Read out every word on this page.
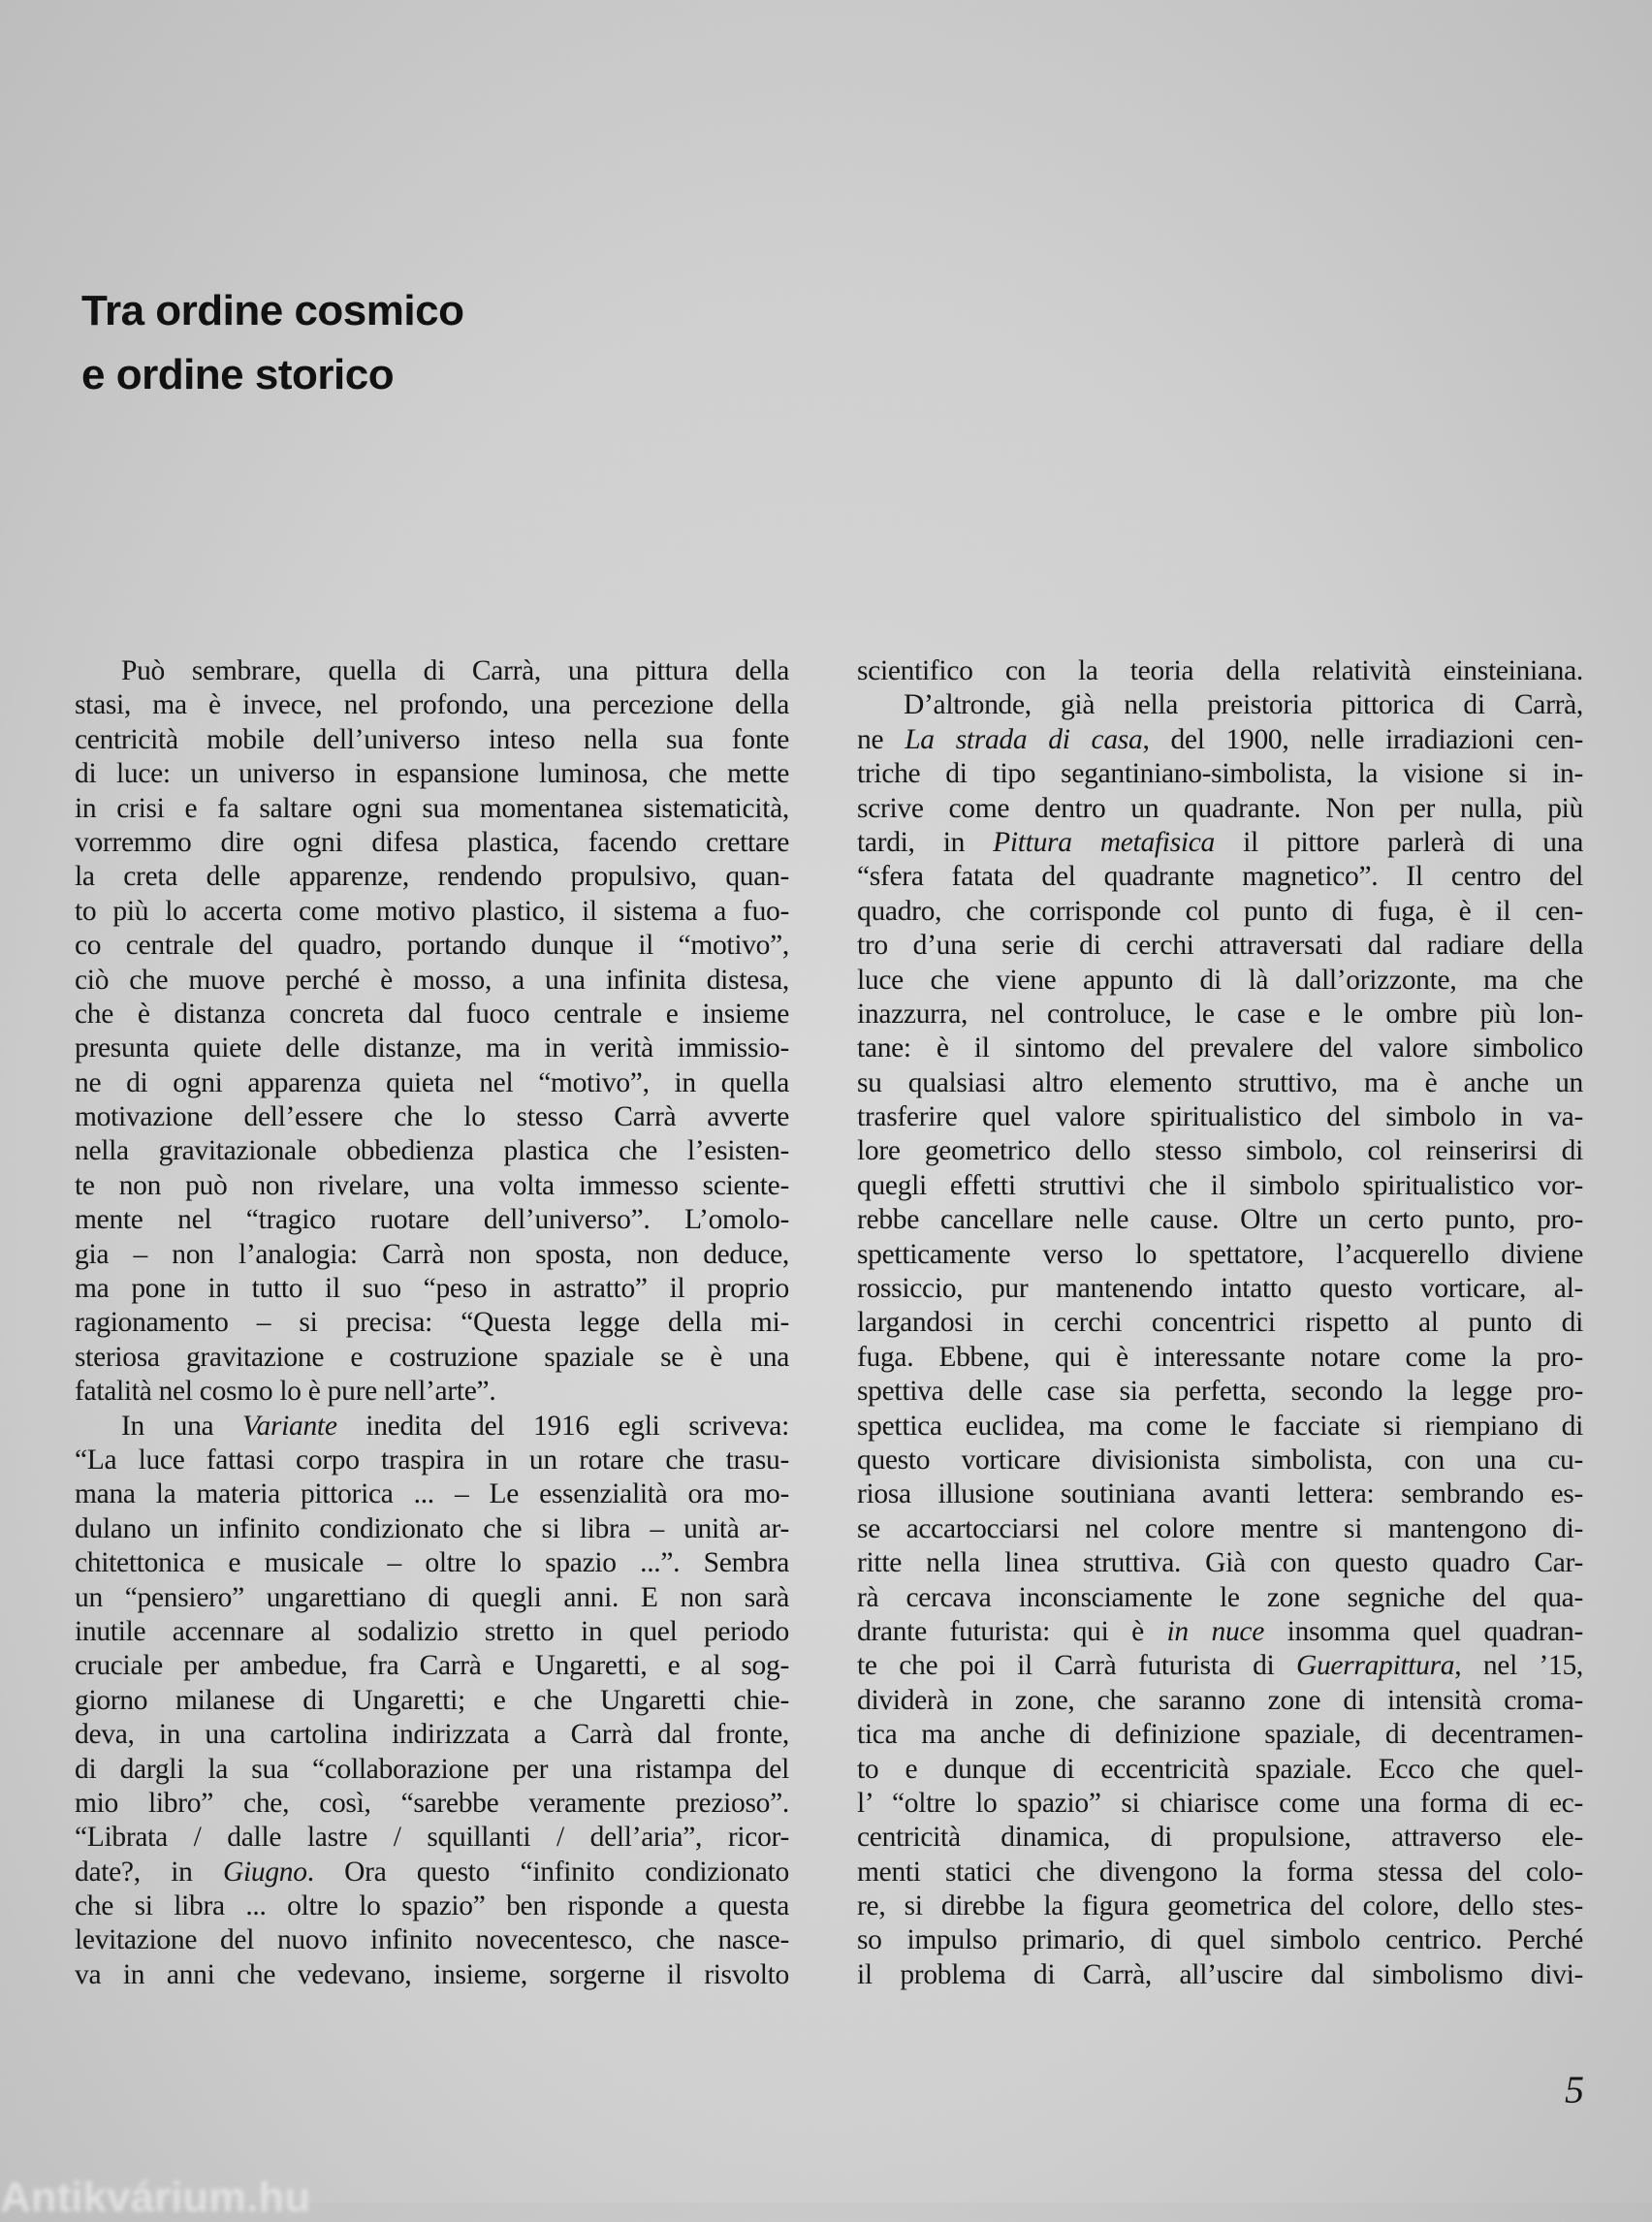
Tra ordine cosmico
e ordine storico
Può sembrare, quella di Carrà, una pittura della
stasi, ma è invece, nel profondo, una percezione della
centricità mobile dell’universo inteso nella sua fonte
di luce: un universo in espansione luminosa, che mette
in crisi e fa saltare ogni sua momentanea sistematicità,
vorremmo dire ogni difesa plastica, facendo crettare
la creta delle apparenze, rendendo propulsivo, quan-
to più lo accerta come motivo plastico, il sistema a fuo-
co centrale del quadro, portando dunque il “motivo”,
ciò che muove perché è mosso, a una infinita distesa,
che è distanza concreta dal fuoco centrale e insieme
presunta quiete delle distanze, ma in verità immissio-
ne di ogni apparenza quieta nel “motivo”, in quella
motivazione dell’essere che lo stesso Carrà avverte
nella gravitazionale obbedienza plastica che l’esisten-
te non può non rivelare, una volta immesso sciente-
mente nel “tragico ruotare dell’universo”. L’omolo-
gia – non l’analogia: Carrà non sposta, non deduce,
ma pone in tutto il suo “peso in astratto” il proprio
ragionamento – si precisa: “Questa legge della mi-
steriosa gravitazione e costruzione spaziale se è una
fatalità nel cosmo lo è pure nell’arte”.
In una Variante inedita del 1916 egli scriveva:
“La luce fattasi corpo traspira in un rotare che trasu-
mana la materia pittorica ... – Le essenzialità ora mo-
dulano un infinito condizionato che si libra – unità ar-
chitettonica e musicale – oltre lo spazio ...”. Sembra
un “pensiero” ungarettiano di quegli anni. E non sarà
inutile accennare al sodalizio stretto in quel periodo
cruciale per ambedue, fra Carrà e Ungaretti, e al sog-
giorno milanese di Ungaretti; e che Ungaretti chie-
deva, in una cartolina indirizzata a Carrà dal fronte,
di dargli la sua “collaborazione per una ristampa del
mio libro” che, così, “sarebbe veramente prezioso”.
“Librata / dalle lastre / squillanti / dell’aria”, ricor-
date?, in Giugno. Ora questo “infinito condizionato
che si libra ... oltre lo spazio” ben risponde a questa
levitazione del nuovo infinito novecentesco, che nasce-
va in anni che vedevano, insieme, sorgerne il risvolto
scientifico con la teoria della relatività einsteiniana.
D’altronde, già nella preistoria pittorica di Carrà,
ne La strada di casa, del 1900, nelle irradiazioni cen-
triche di tipo segantiniano-simbolista, la visione si in-
scrive come dentro un quadrante. Non per nulla, più
tardi, in Pittura metafisica il pittore parlerà di una
“sfera fatata del quadrante magnetico”. Il centro del
quadro, che corrisponde col punto di fuga, è il cen-
tro d’una serie di cerchi attraversati dal radiare della
luce che viene appunto di là dall’orizzonte, ma che
inazzurra, nel controluce, le case e le ombre più lon-
tane: è il sintomo del prevalere del valore simbolico
su qualsiasi altro elemento struttivo, ma è anche un
trasferire quel valore spiritualistico del simbolo in va-
lore geometrico dello stesso simbolo, col reinserirsi di
quegli effetti struttivi che il simbolo spiritualistico vor-
rebbe cancellare nelle cause. Oltre un certo punto, pro-
spetticamente verso lo spettatore, l’acquerello diviene
rossiccio, pur mantenendo intatto questo vorticare, al-
largandosi in cerchi concentrici rispetto al punto di
fuga. Ebbene, qui è interessante notare come la pro-
spettiva delle case sia perfetta, secondo la legge pro-
spettica euclidea, ma come le facciate si riempiano di
questo vorticare divisionista simbolista, con una cu-
riosa illusione soutiniana avanti lettera: sembrando es-
se accartocciarsi nel colore mentre si mantengono di-
ritte nella linea struttiva. Già con questo quadro Car-
rà cercava inconsciamente le zone segniche del qua-
drante futurista: qui è in nuce insomma quel quadran-
te che poi il Carrà futurista di Guerrapittura, nel ’15,
dividerà in zone, che saranno zone di intensità croma-
tica ma anche di definizione spaziale, di decentramen-
to e dunque di eccentricità spaziale. Ecco che quel-
l’ “oltre lo spazio” si chiarisce come una forma di ec-
centricità dinamica, di propulsione, attraverso ele-
menti statici che divengono la forma stessa del colo-
re, si direbbe la figura geometrica del colore, dello stes-
so impulso primario, di quel simbolo centrico. Perché
il problema di Carrà, all’uscire dal simbolismo divi-
5
Antikvárium.hu
